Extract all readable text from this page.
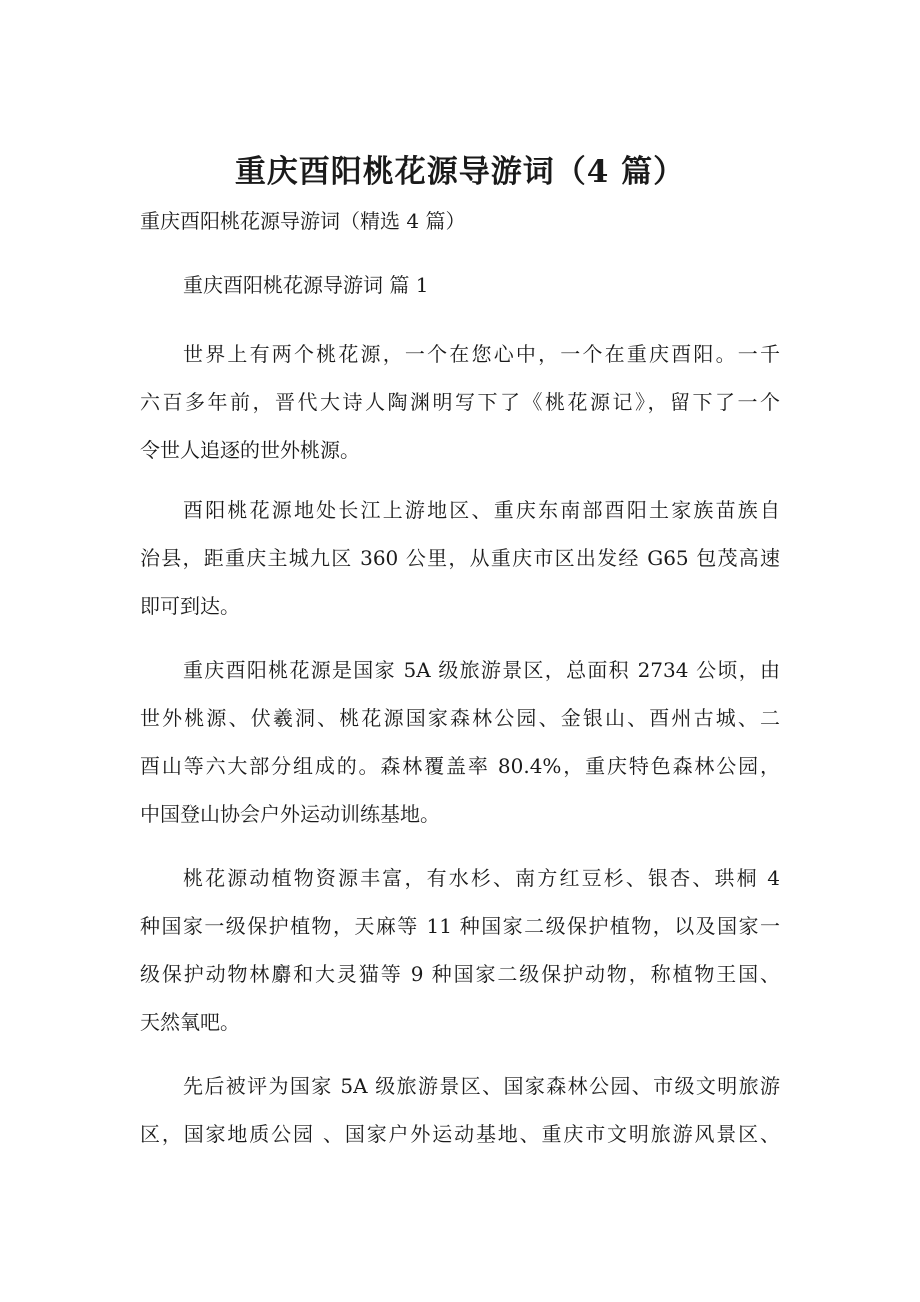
重庆酉阳桃花源导游词（4 篇）

重庆酉阳桃花源导游词（精选 4 篇）

重庆酉阳桃花源导游词 篇 1

世界上有两个桃花源，一个在您心中，一个在重庆酉阳。一千
六百多年前，晋代大诗人陶渊明写下了《桃花源记》，留下了一个
令世人追逐的世外桃源。

酉阳桃花源地处长江上游地区、重庆东南部酉阳土家族苗族自
治县，距重庆主城九区 360 公里，从重庆市区出发经 G65 包茂高速
即可到达。

重庆酉阳桃花源是国家 5A 级旅游景区，总面积 2734 公顷，由
世外桃源、伏羲洞、桃花源国家森林公园、金银山、酉州古城、二
酉山等六大部分组成的。森林覆盖率 80.4%，重庆特色森林公园，
中国登山协会户外运动训练基地。

桃花源动植物资源丰富，有水杉、南方红豆杉、银杏、珙桐 4
种国家一级保护植物，天麻等 11 种国家二级保护植物，以及国家一
级保护动物林麝和大灵猫等 9 种国家二级保护动物，称植物王国、
天然氧吧。

先后被评为国家 5A 级旅游景区、国家森林公园、市级文明旅游
区，国家地质公园 、国家户外运动基地、重庆市文明旅游风景区、
